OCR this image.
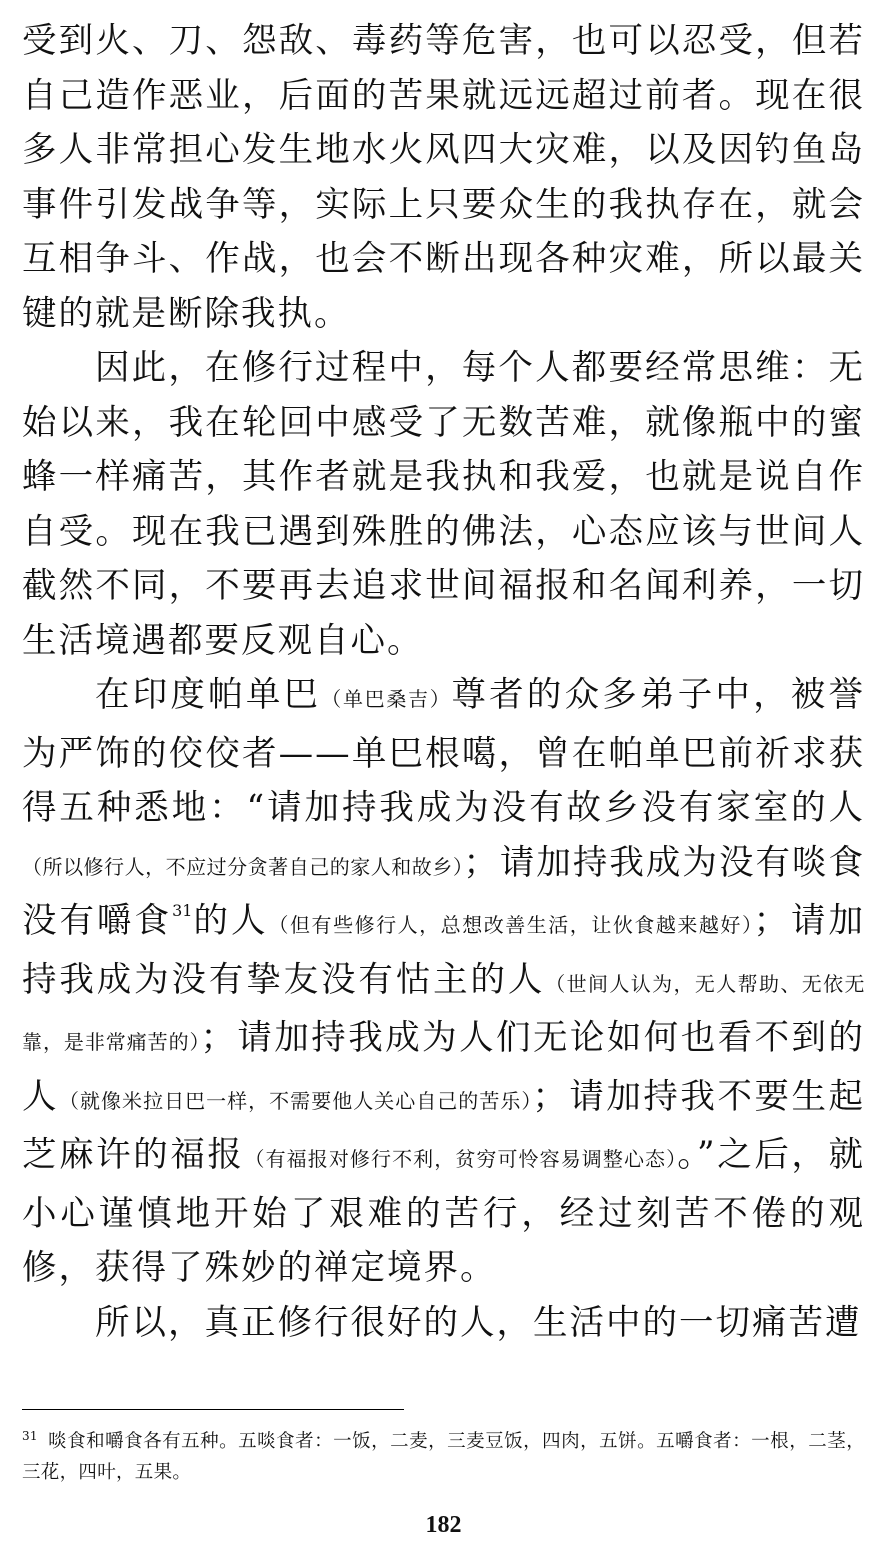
受到火、刀、怨敌、毒药等危害，也可以忍受，但若自己造作恶业，后面的苦果就远远超过前者。现在很多人非常担心发生地水火风四大灾难，以及因钓鱼岛事件引发战争等，实际上只要众生的我执存在，就会互相争斗、作战，也会不断出现各种灾难，所以最关键的就是断除我执。

因此，在修行过程中，每个人都要经常思维：无始以来，我在轮回中感受了无数苦难，就像瓶中的蜜蜂一样痛苦，其作者就是我执和我爱，也就是说自作自受。现在我已遇到殊胜的佛法，心态应该与世间人截然不同，不要再去追求世间福报和名闻利养，一切生活境遇都要反观自心。

在印度帕单巴（单巴桑吉）尊者的众多弟子中，被誉为严饰的佼佼者——单巴根噶，曾在帕单巴前祈求获得五种悉地：“请加持我成为没有故乡没有家室的人（所以修行人，不应过分贪著自己的家人和故乡）；请加持我成为没有啖食没有嚼食$^{31}$的人（但有些修行人，总想改善生活，让伙食越来越好）；请加持我成为没有挚友没有怙主的人（世间人认为，无人帮助、无依无靠，是非常痛苦的）；请加持我成为人们无论如何也看不到的人（就像米拉日巴一样，不需要他人关心自己的苦乐）；请加持我不要生起芝麻许的福报（有福报对修行不利，贫穷可怜容易调整心态）。”之后，就小心谨慎地开始了艰难的苦行，经过刻苦不倦的观修，获得了殊妙的禅定境界。

所以，真正修行很好的人，生活中的一切痛苦遭

$^{31}$ 啖食和嚼食各有五种。五啖食者：一饭，二麦，三麦豆饭，四肉，五饼。五嚼食者：一根，二茎，三花，四叶，五果。
182
